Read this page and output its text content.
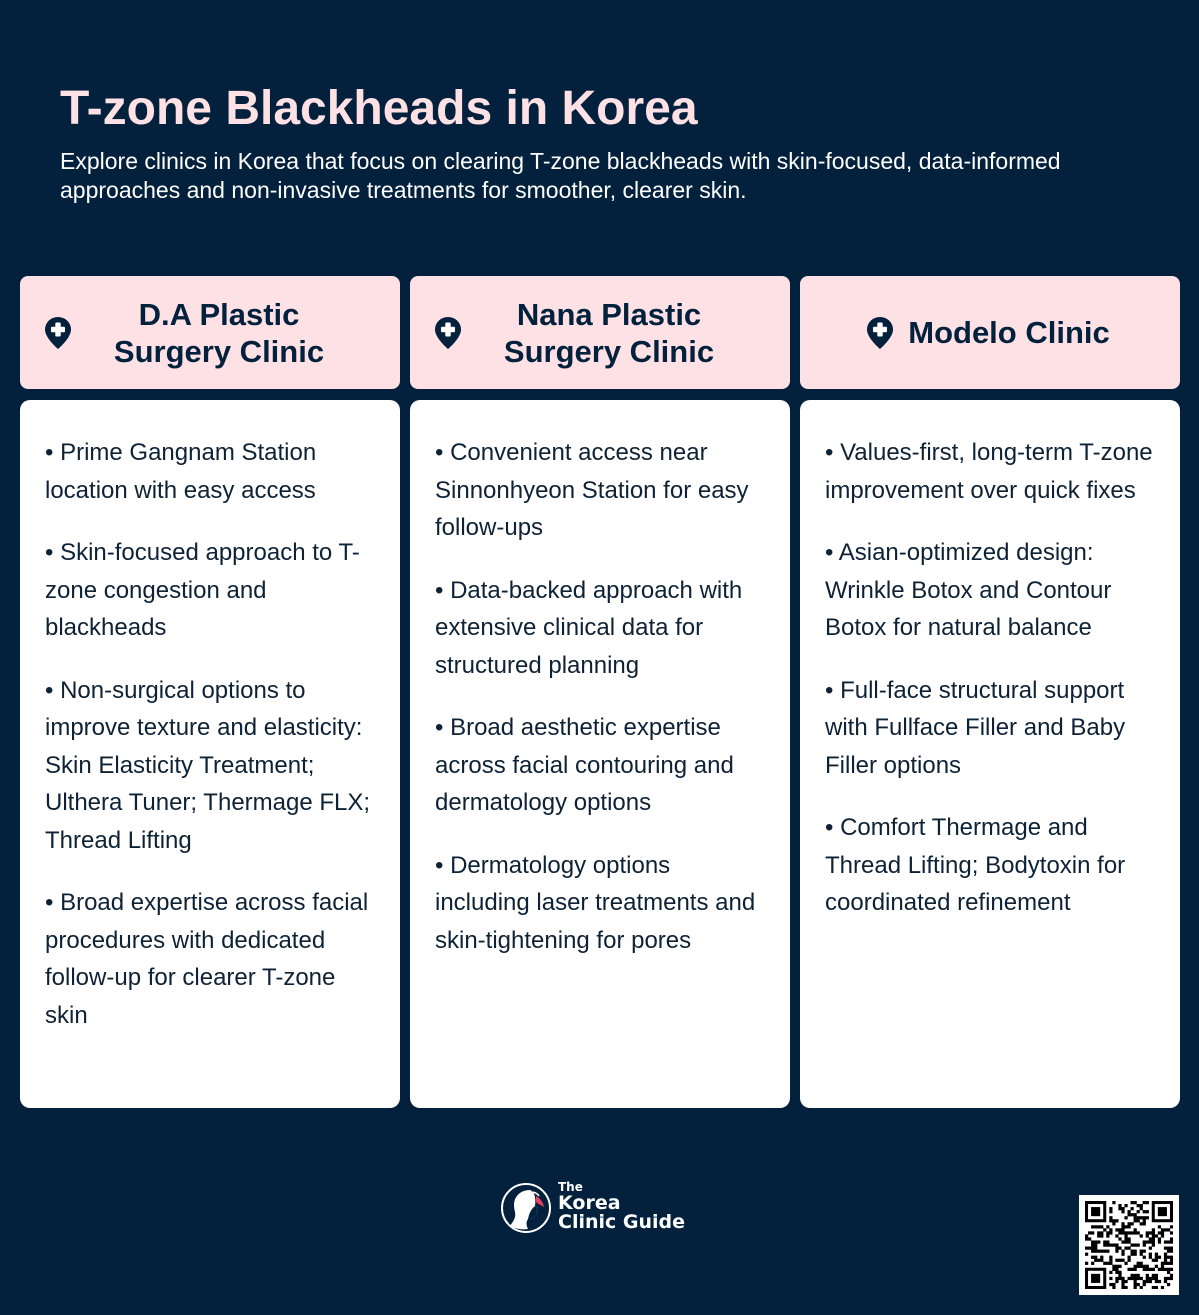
T-zone Blackheads in Korea

Explore clinics in Korea that focus on clearing T-zone blackheads with skin-focused, data-informed approaches and non-invasive treatments for smoother, clearer skin.

D.A Plastic Surgery Clinic
• Prime Gangnam Station location with easy access
• Skin-focused approach to T-zone congestion and blackheads
• Non-surgical options to improve texture and elasticity: Skin Elasticity Treatment; Ulthera Tuner; Thermage FLX; Thread Lifting
• Broad expertise across facial procedures with dedicated follow-up for clearer T-zone skin
Nana Plastic Surgery Clinic
• Convenient access near Sinnonhyeon Station for easy follow-ups
• Data-backed approach with extensive clinical data for structured planning
• Broad aesthetic expertise across facial contouring and dermatology options
• Dermatology options including laser treatments and skin-tightening for pores
Modelo Clinic
• Values-first, long-term T-zone improvement over quick fixes
• Asian-optimized design: Wrinkle Botox and Contour Botox for natural balance
• Full-face structural support with Fullface Filler and Baby Filler options
• Comfort Thermage and Thread Lifting; Bodytoxin for coordinated refinement
The
Korea
Clinic Guide
